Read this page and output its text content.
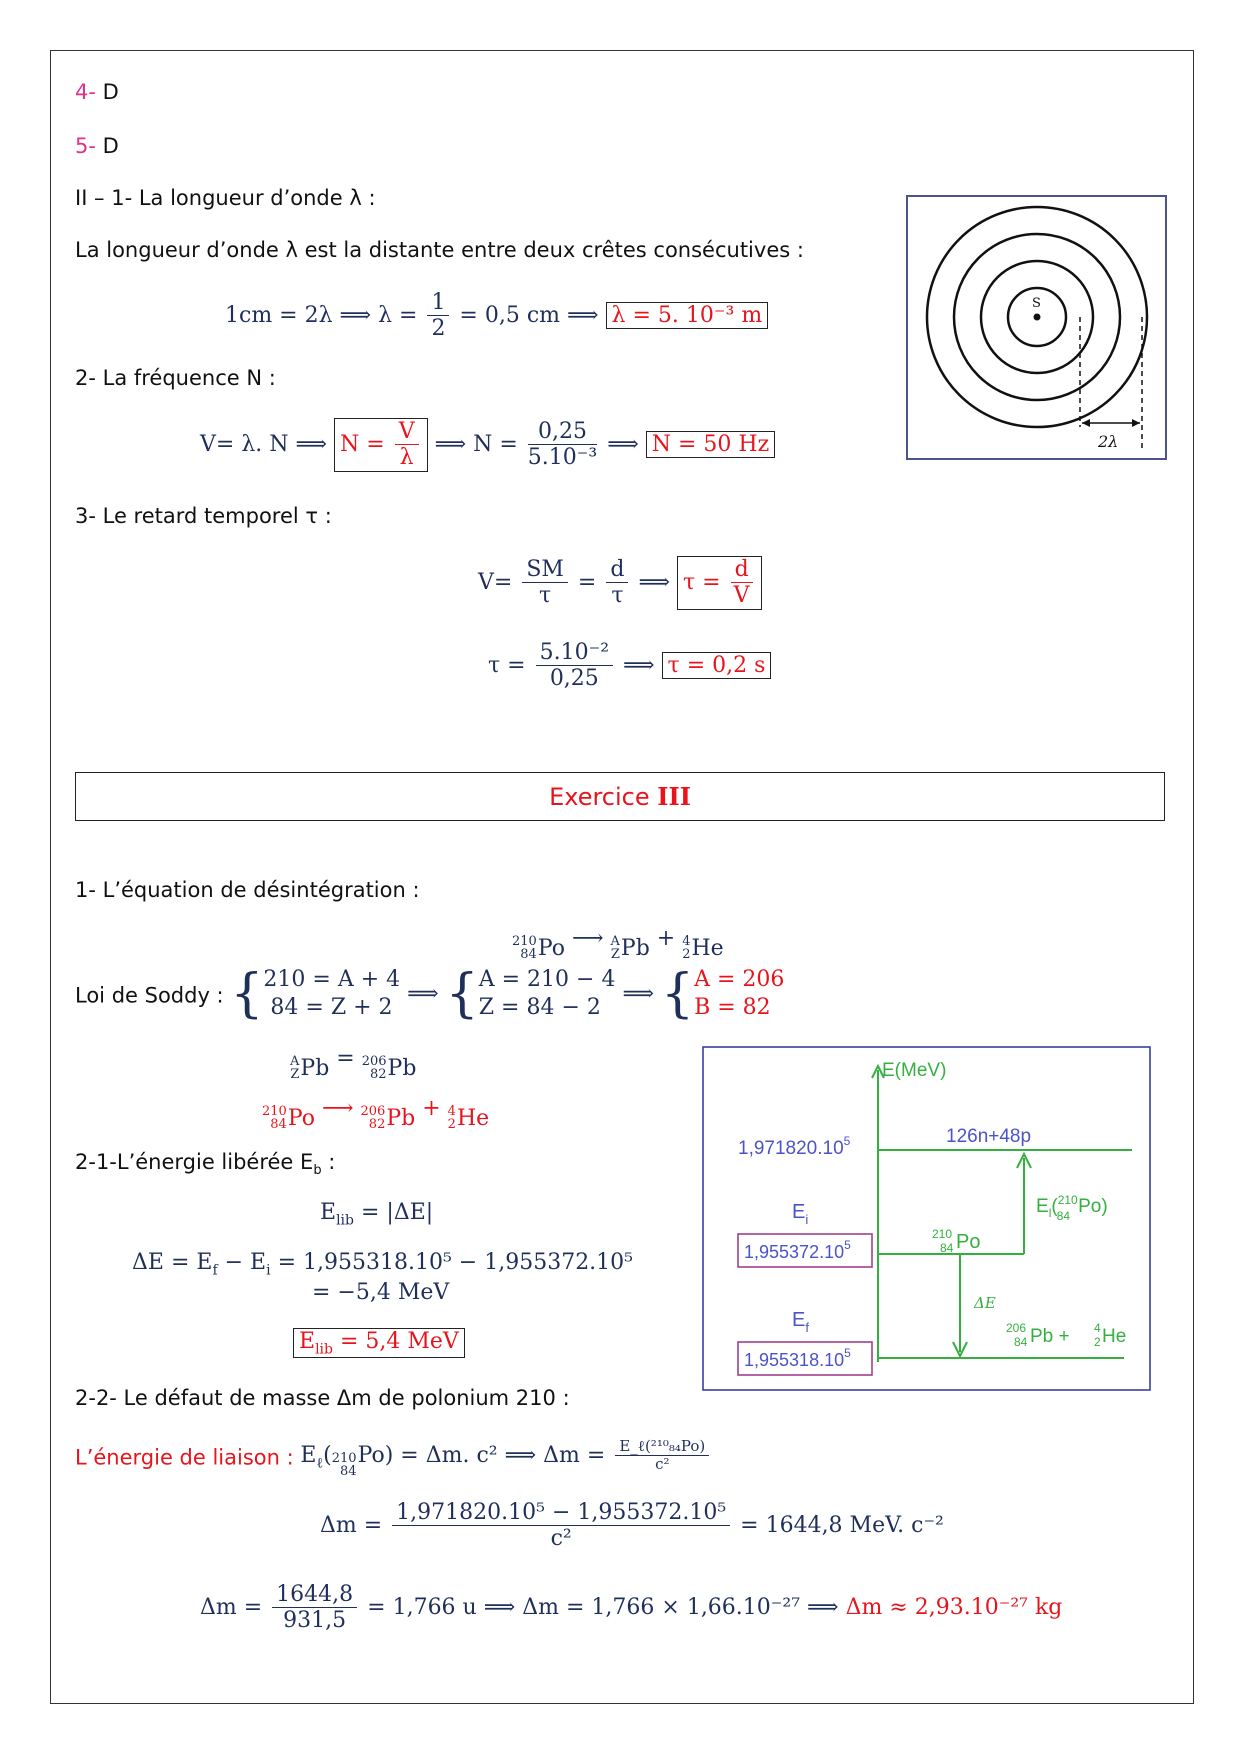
4- D
5- D
II – 1- La longueur d’onde λ :
La longueur d’onde λ est la distante entre deux crêtes consécutives :
1cm = 2λ ⟹ $\lambda = \frac{1}{2} = 0,5$ cm ⟹ λ = 5. 10⁻³ m
2- La fréquence N :
V= λ. N ⟹ $N = \frac{V}{\lambda}$ ⟹ $N = \frac{0,25}{\text{5.10⁻³}}$ ⟹ N = 50 Hz
3- Le retard temporel τ :
$V= \frac{SM}{\tau} = \frac{d}{\tau}$ ⟹ $\tau = \frac{d}{V}$
$\tau = \frac{\text{5.10⁻²}}{0,25}$ ⟹ τ = 0,2 s
S
2λ
Exercice III
1- L’équation de désintégration :
210
84 Po ⟶ A
Z Pb + 4
2 He
Loi de Soddy : { 210 = A + 4
84 = Z + 2
⟹ { A = 210 − 4
Z = 84 − 2
⟹ { A = 206
B = 82
A
Z Pb = 206
82 Pb
210
84 Po ⟶ 206
82 Pb + 4
2 He
2-1-L’énergie libérée $E_b$ :
$E_{lib} = |\Delta E|$
$\Delta E = E_f - E_i = 1,955318.10^5 - 1,955372.10^5$
= −5,4 MeV
$E_{lib} = 5,4$ MeV
2-2- Le défaut de masse Δm de polonium 210 :
L’énergie de liaison : $E_\ell$( 210
84
Po) = Δm. c² ⟹ $\Delta m = \frac{\text{E\_ℓ(²¹⁰₈₄Po)}}{\text{c²}}$
$\Delta m = \frac{\text{1,971820.10⁵ − 1,955372.10⁵}}{\text{c²}} = 1644,8$ MeV. c⁻²
$\Delta m = \frac{1644,8}{931,5} = 1,766$ u ⟹ Δm = 1,766 × 1,66.10⁻²⁷ ⟹ Δm ≈ 2,93.10⁻²⁷ kg
E(MeV)
1,971820.10$^5$	126n+48p
$E_i$
1,955372.10$^5$
$E_f$
1,955318.10$^5$
$E_l(^{210}$ 84 Po)
210
84 Po
ΔE
206
84 Pb + 4
2 He
